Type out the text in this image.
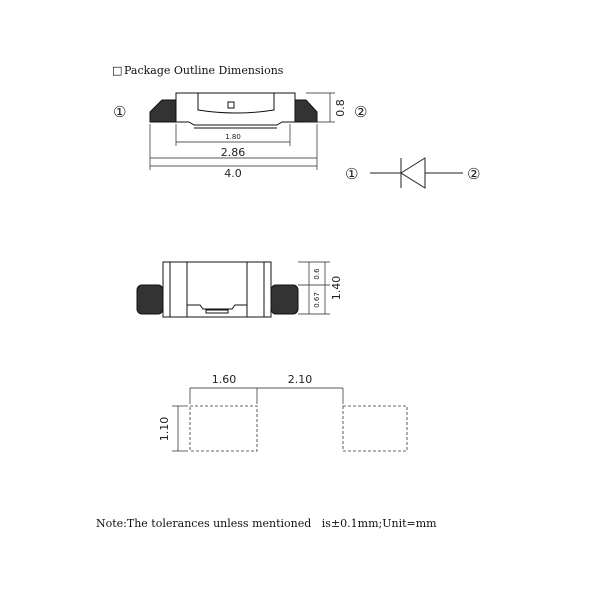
□ Package Outline Dimensions
1.80
2.86
4.0
0.8
①	②
①	②
0.6
0.67 1.40
1.60	2.10
1.10
Note:The tolerances unless mentioned   is±0.1mm;Unit=mm
